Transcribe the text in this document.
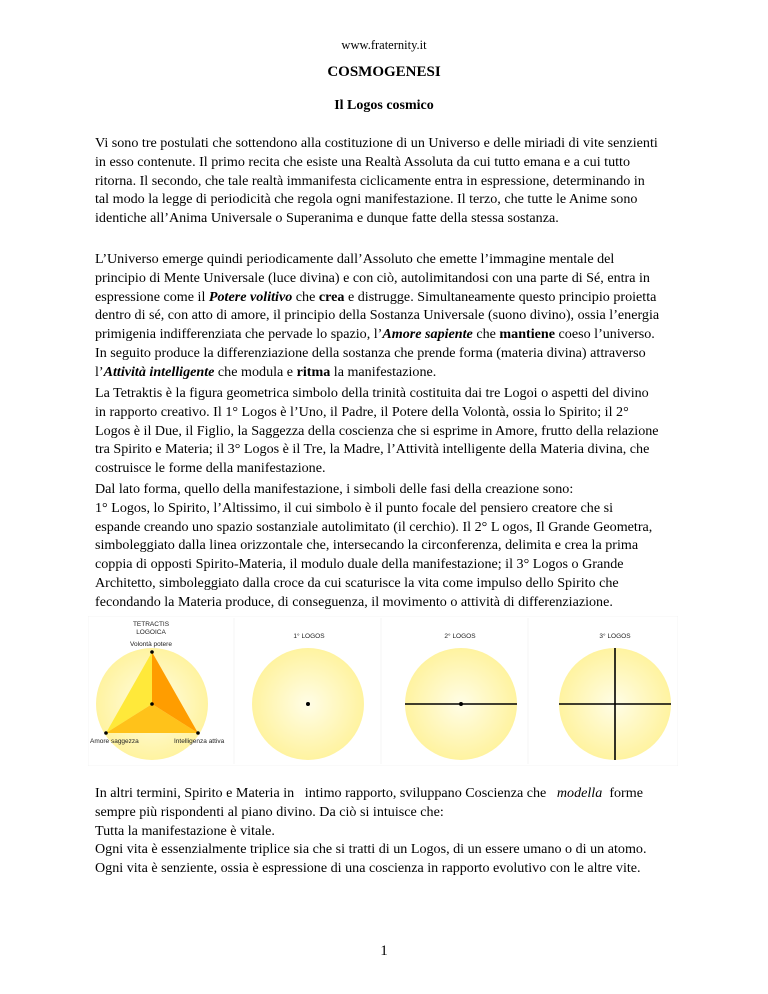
www.fraternity.it
COSMOGENESI
Il Logos cosmico

Vi sono tre postulati che sottendono alla costituzione di un Universo e delle miriadi di vite senzienti
in esso contenute. Il primo recita che esiste una Realtà Assoluta da cui tutto emana e a cui tutto
ritorna. Il secondo, che tale realtà immanifesta ciclicamente entra in espressione, determinando in
tal modo la legge di periodicità che regola ogni manifestazione. Il terzo, che tutte le Anime sono
identiche all’Anima Universale o Superanima e dunque fatte della stessa sostanza.

L’Universo emerge quindi periodicamente dall’Assoluto che emette l’immagine mentale del
principio di Mente Universale (luce divina) e con ciò, autolimitandosi con una parte di Sé, entra in
espressione come il Potere volitivo che crea e distrugge. Simultaneamente questo principio proietta
dentro di sé, con atto di amore, il principio della Sostanza Universale (suono divino), ossia l’energia
primigenia indifferenziata che pervade lo spazio, l’Amore sapiente che mantiene coeso l’universo.
In seguito produce la differenziazione della sostanza che prende forma (materia divina) attraverso
l’Attività intelligente che modula e ritma la manifestazione.

La Tetraktis è la figura geometrica simbolo della trinità costituita dai tre Logoi o aspetti del divino
in rapporto creativo. Il 1° Logos è l’Uno, il Padre, il Potere della Volontà, ossia lo Spirito; il 2°
Logos è il Due, il Figlio, la Saggezza della coscienza che si esprime in Amore, frutto della relazione
tra Spirito e Materia; il 3° Logos è il Tre, la Madre, l’Attività intelligente della Materia divina, che
costruisce le forme della manifestazione.

Dal lato forma, quello della manifestazione, i simboli delle fasi della creazione sono:
1° Logos, lo Spirito, l’Altissimo, il cui simbolo è il punto focale del pensiero creatore che si
espande creando uno spazio sostanziale autolimitato (il cerchio). Il 2° L ogos, Il Grande Geometra,
simboleggiato dalla linea orizzontale che, intersecando la circonferenza, delimita e crea la prima
coppia di opposti Spirito-Materia, il modulo duale della manifestazione; il 3° Logos o Grande
Architetto, simboleggiato dalla croce da cui scaturisce la vita come impulso dello Spirito che
fecondando la Materia produce, di conseguenza, il movimento o attività di differenziazione.

TETRACTIS
LOGOICA
Volontà potere
Amore saggezza	Intelligenza attiva
1° LOGOS	2° LOGOS	3° LOGOS

In altri termini, Spirito e Materia in   intimo rapporto, sviluppano Coscienza che   modella  forme
sempre più rispondenti al piano divino. Da ciò si intuisce che:
Tutta la manifestazione è vitale.
Ogni vita è essenzialmente triplice sia che si tratti di un Logos, di un essere umano o di un atomo.
Ogni vita è senziente, ossia è espressione di una coscienza in rapporto evolutivo con le altre vite.

1
